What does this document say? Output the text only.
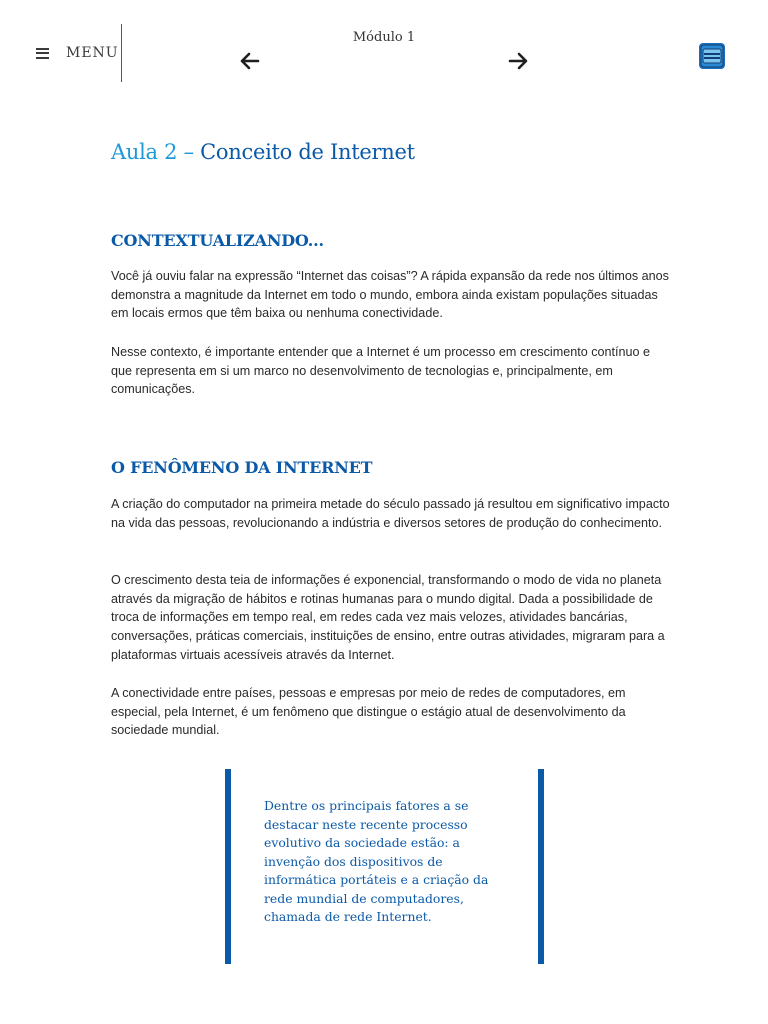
MENU
Módulo 1
Aula 2 – Conceito de Internet
CONTEXTUALIZANDO...

Você já ouviu falar na expressão “Internet das coisas”? A rápida expansão da rede nos últimos anos demonstra a magnitude da Internet em todo o mundo, embora ainda existam populações situadas em locais ermos que têm baixa ou nenhuma conectividade.

Nesse contexto, é importante entender que a Internet é um processo em crescimento contínuo e que representa em si um marco no desenvolvimento de tecnologias e, principalmente, em comunicações.

O FENÔMENO DA INTERNET

A criação do computador na primeira metade do século passado já resultou em significativo impacto na vida das pessoas, revolucionando a indústria e diversos setores de produção do conhecimento.

O crescimento desta teia de informações é exponencial, transformando o modo de vida no planeta através da migração de hábitos e rotinas humanas para o mundo digital. Dada a possibilidade de troca de informações em tempo real, em redes cada vez mais velozes, atividades bancárias, conversações, práticas comerciais, instituições de ensino, entre outras atividades, migraram para a plataformas virtuais acessíveis através da Internet.

A conectividade entre países, pessoas e empresas por meio de redes de computadores, em especial, pela Internet, é um fenômeno que distingue o estágio atual de desenvolvimento da sociedade mundial.

Dentre os principais fatores a se destacar neste recente processo evolutivo da sociedade estão: a invenção dos dispositivos de informática portáteis e a criação da rede mundial de computadores, chamada de rede Internet.
